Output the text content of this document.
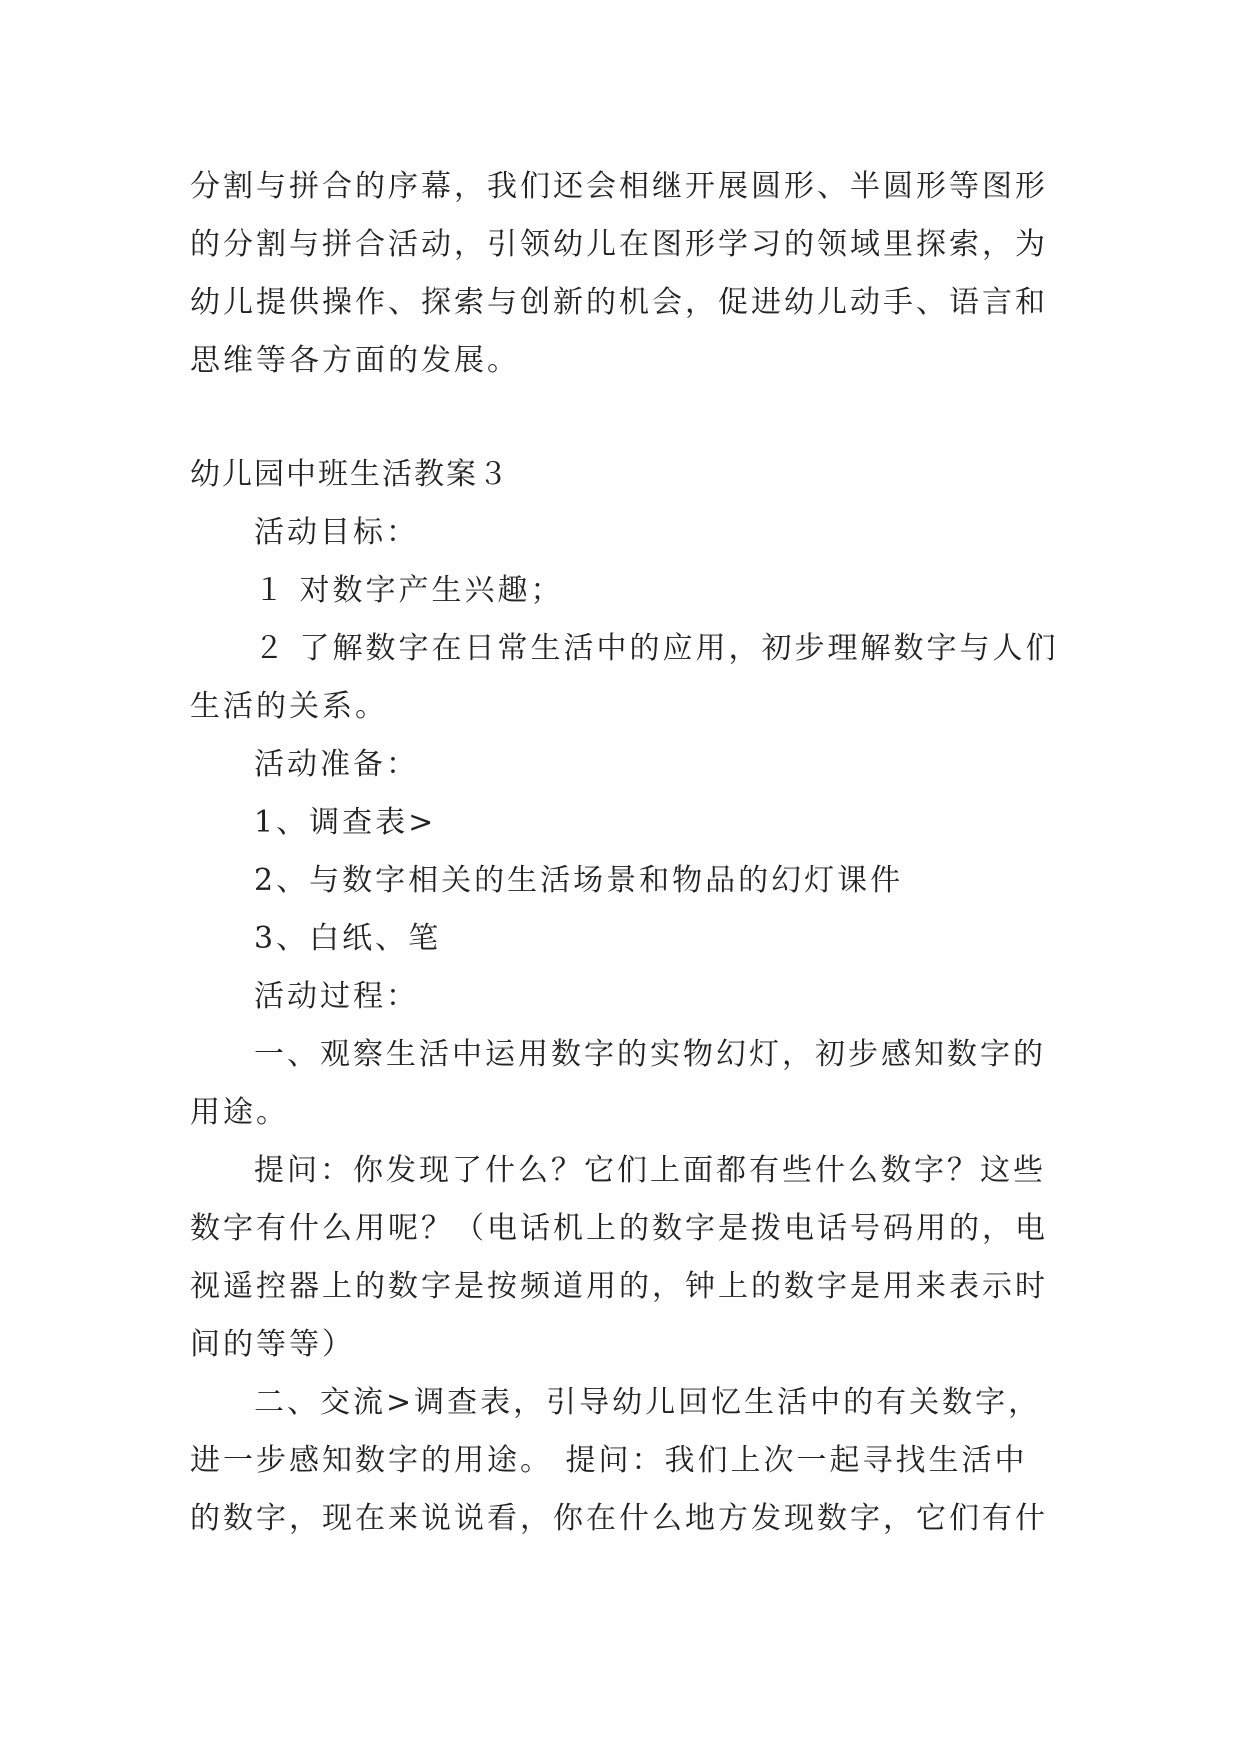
分割与拼合的序幕，我们还会相继开展圆形、半圆形等图形
的分割与拼合活动，引领幼儿在图形学习的领域里探索，为
幼儿提供操作、探索与创新的机会，促进幼儿动手、语言和
思维等各方面的发展。
幼儿园中班生活教案３
活动目标：
１ 对数字产生兴趣；
２ 了解数字在日常生活中的应用，初步理解数字与人们
生活的关系。
活动准备：
1、调查表>
2、与数字相关的生活场景和物品的幻灯课件
3、白纸、笔
活动过程：
一、观察生活中运用数字的实物幻灯，初步感知数字的
用途。
提问：你发现了什么？它们上面都有些什么数字？这些
数字有什么用呢？（电话机上的数字是拨电话号码用的，电
视遥控器上的数字是按频道用的，钟上的数字是用来表示时
间的等等）
二、交流>调查表，引导幼儿回忆生活中的有关数字，
进一步感知数字的用途。 提问：我们上次一起寻找生活中
的数字，现在来说说看，你在什么地方发现数字，它们有什
